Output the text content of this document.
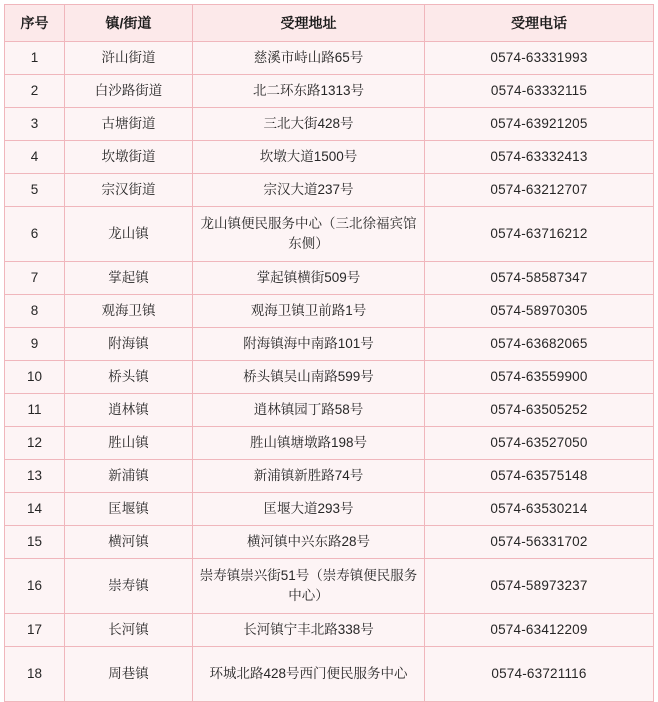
序号	镇/街道	受理地址	受理电话
1	浒山街道	慈溪市峙山路65号	0574-63331993
2	白沙路街道	北二环东路1313号	0574-63332115
3	古塘街道	三北大街428号	0574-63921205
4	坎墩街道	坎墩大道1500号	0574-63332413
5	宗汉街道	宗汉大道237号	0574-63212707
6	龙山镇	龙山镇便民服务中心（三北徐福宾馆东侧）	0574-63716212
7	掌起镇	掌起镇横街509号	0574-58587347
8	观海卫镇	观海卫镇卫前路1号	0574-58970305
9	附海镇	附海镇海中南路101号	0574-63682065
10	桥头镇	桥头镇吴山南路599号	0574-63559900
11	逍林镇	逍林镇园丁路58号	0574-63505252
12	胜山镇	胜山镇塘墩路198号	0574-63527050
13	新浦镇	新浦镇新胜路74号	0574-63575148
14	匡堰镇	匡堰大道293号	0574-63530214
15	横河镇	横河镇中兴东路28号	0574-56331702
16	崇寿镇	崇寿镇崇兴街51号（崇寿镇便民服务中心）	0574-58973237
17	长河镇	长河镇宁丰北路338号	0574-63412209
18	周巷镇	环城北路428号西门便民服务中心	0574-63721116
